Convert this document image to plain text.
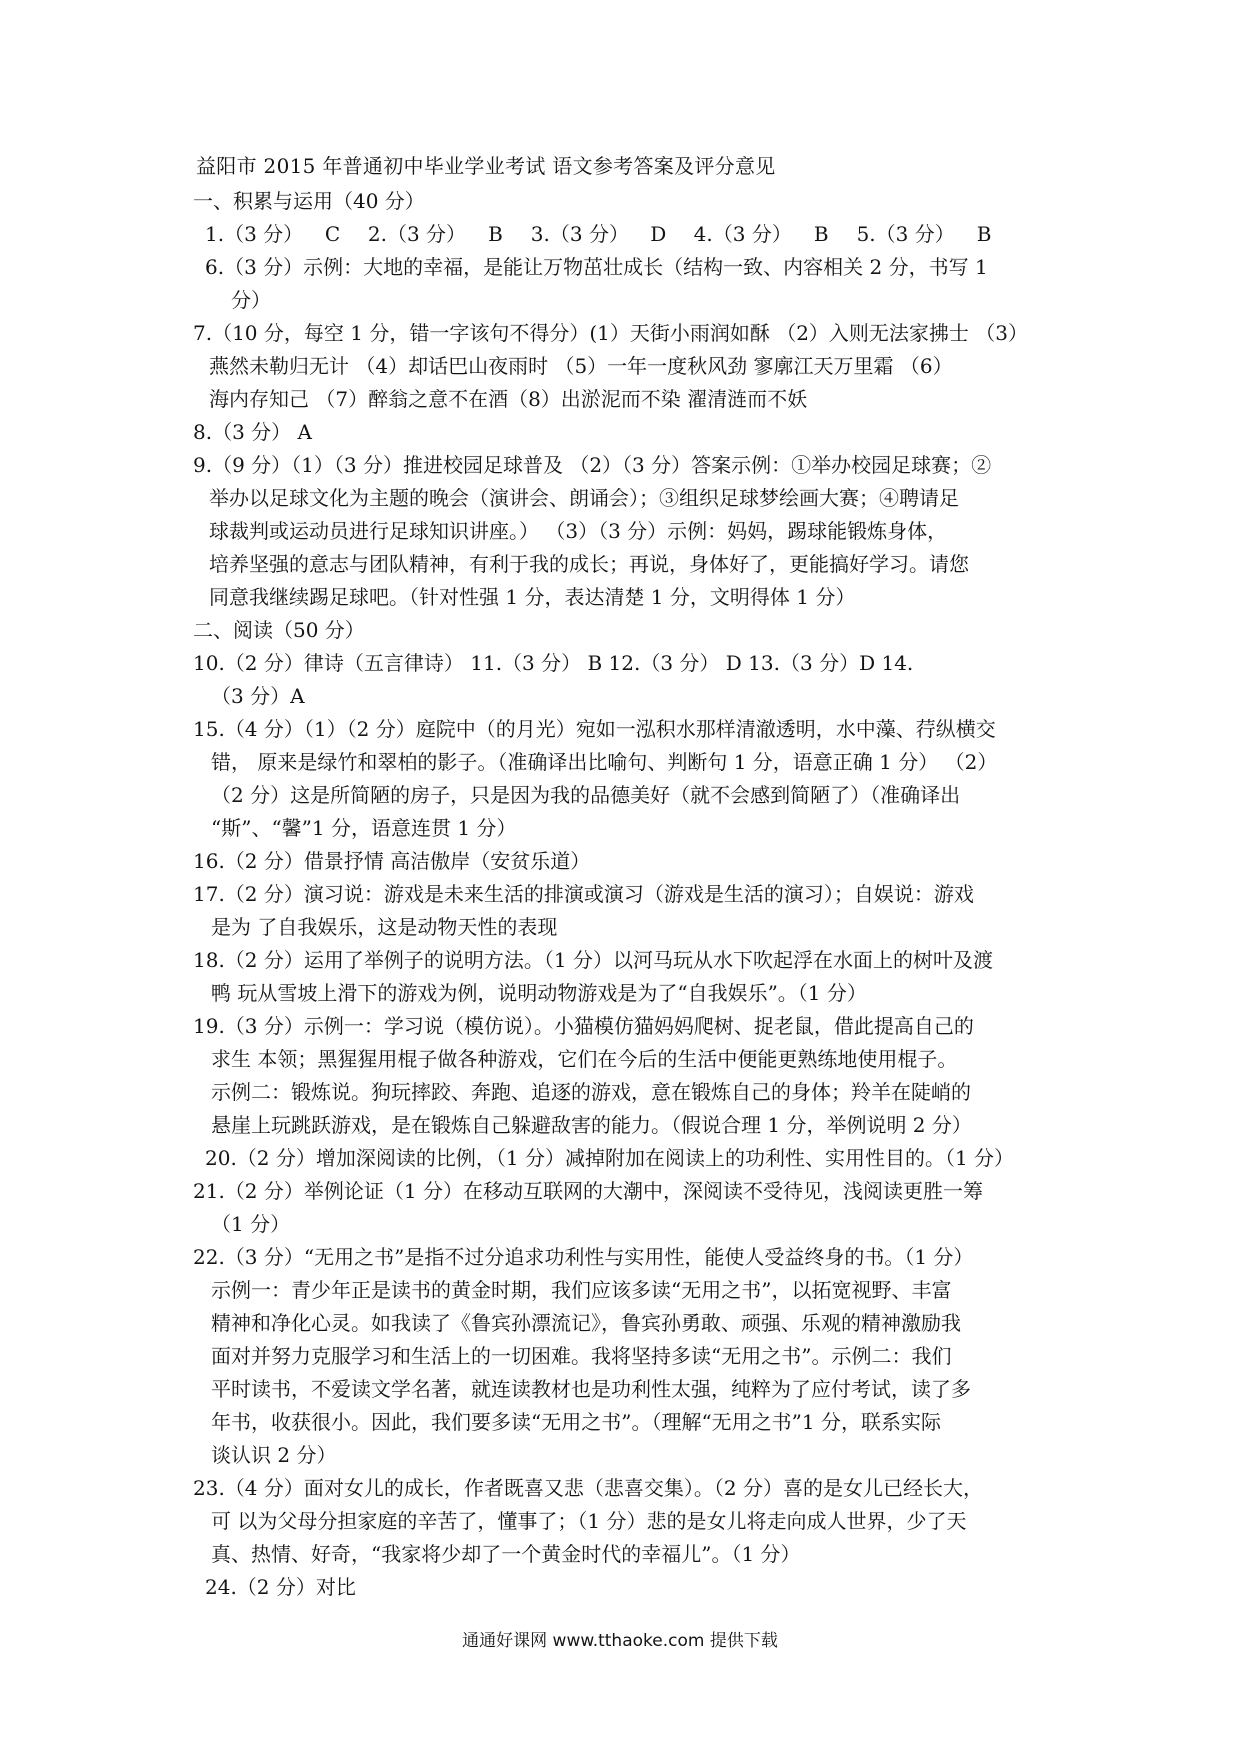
益阳市 2015 年普通初中毕业学业考试 语文参考答案及评分意见
一、积累与运用（40 分）
1.（3 分） C 2.（3 分） B 3.（3 分） D 4.（3 分） B 5.（3 分） B
6.（3 分）示例：大地的幸福，是能让万物茁壮成长（结构一致、内容相关 2 分，书写 1
分）
7.（10 分，每空 1 分，错一字该句不得分）(1）天街小雨润如酥 （2）入则无法家拂士 （3）
燕然未勒归无计 （4）却话巴山夜雨时 （5）一年一度秋风劲 寥廓江天万里霜 （6）
海内存知己 （7）醉翁之意不在酒（8）出淤泥而不染 濯清涟而不妖
8.（3 分） A
9.（9 分）（1）（3 分）推进校园足球普及 （2）（3 分）答案示例：①举办校园足球赛；②
举办以足球文化为主题的晚会（演讲会、朗诵会）；③组织足球梦绘画大赛；④聘请足
球裁判或运动员进行足球知识讲座。） （3）（3 分）示例：妈妈，踢球能锻炼身体，
培养坚强的意志与团队精神，有利于我的成长；再说，身体好了，更能搞好学习。请您
同意我继续踢足球吧。（针对性强 1 分，表达清楚 1 分，文明得体 1 分）
二、阅读（50 分）
10.（2 分）律诗（五言律诗） 11.（3 分） B 12.（3 分） D 13.（3 分）D 14.
（3 分）A
15.（4 分）（1）（2 分）庭院中（的月光）宛如一泓积水那样清澈透明，水中藻、荇纵横交
错， 原来是绿竹和翠柏的影子。（准确译出比喻句、判断句 1 分，语意正确 1 分） （2）
（2 分）这是所简陋的房子，只是因为我的品德美好（就不会感到简陋了）（准确译出
“斯”、“馨”1 分，语意连贯 1 分）
16.（2 分）借景抒情 高洁傲岸（安贫乐道）
17.（2 分）演习说：游戏是未来生活的排演或演习（游戏是生活的演习）；自娱说：游戏
是为 了自我娱乐，这是动物天性的表现
18.（2 分）运用了举例子的说明方法。（1 分）以河马玩从水下吹起浮在水面上的树叶及渡
鸭 玩从雪坡上滑下的游戏为例，说明动物游戏是为了“自我娱乐”。（1 分）
19.（3 分）示例一：学习说（模仿说）。小猫模仿猫妈妈爬树、捉老鼠，借此提高自己的
求生 本领；黑猩猩用棍子做各种游戏，它们在今后的生活中便能更熟练地使用棍子。
示例二：锻炼说。狗玩摔跤、奔跑、追逐的游戏，意在锻炼自己的身体；羚羊在陡峭的
悬崖上玩跳跃游戏，是在锻炼自己躲避敌害的能力。（假说合理 1 分，举例说明 2 分）
20.（2 分）增加深阅读的比例，（1 分）减掉附加在阅读上的功利性、实用性目的。（1 分）
21.（2 分）举例论证（1 分）在移动互联网的大潮中，深阅读不受待见，浅阅读更胜一筹
（1 分）
22.（3 分）“无用之书”是指不过分追求功利性与实用性，能使人受益终身的书。（1 分）
示例一：青少年正是读书的黄金时期，我们应该多读“无用之书”，以拓宽视野、丰富
精神和净化心灵。如我读了《鲁宾孙漂流记》，鲁宾孙勇敢、顽强、乐观的精神激励我
面对并努力克服学习和生活上的一切困难。我将坚持多读“无用之书”。示例二：我们
平时读书，不爱读文学名著，就连读教材也是功利性太强，纯粹为了应付考试，读了多
年书，收获很小。因此，我们要多读“无用之书”。（理解“无用之书”1 分，联系实际
谈认识 2 分）
23.（4 分）面对女儿的成长，作者既喜又悲（悲喜交集）。（2 分）喜的是女儿已经长大，
可 以为父母分担家庭的辛苦了，懂事了；（1 分）悲的是女儿将走向成人世界，少了天
真、热情、好奇，“我家将少却了一个黄金时代的幸福儿”。（1 分）
24.（2 分）对比
通通好课网 www.tthaoke.com 提供下载
